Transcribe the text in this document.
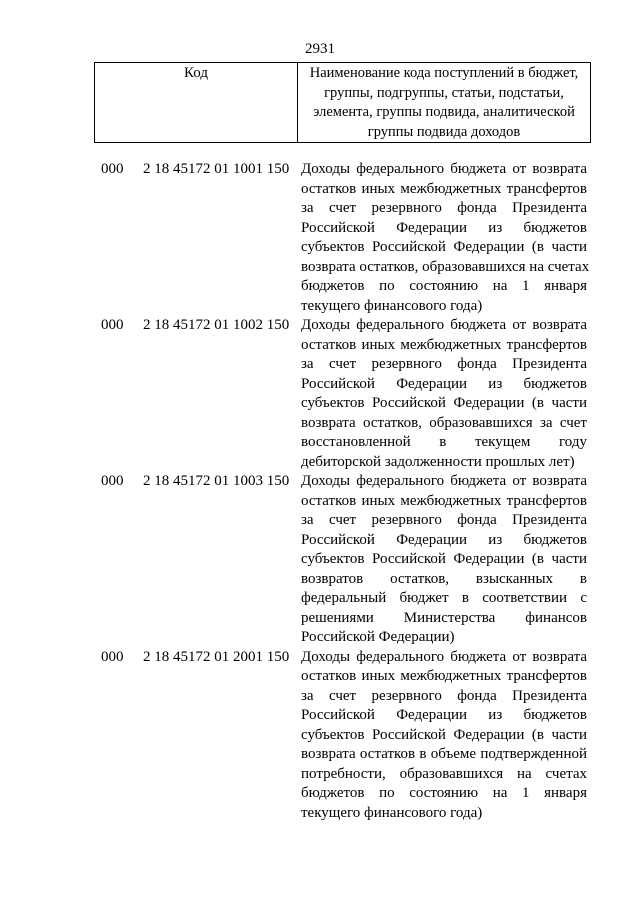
2931
Код	Наименование кода поступлений в бюджет, группы, подгруппы, статьи, подстатьи, элемента, группы подвида, аналитической группы подвида доходов
000 2 18 45172 01 1001 150 Доходы федерального бюджета от возврата
остатков иных межбюджетных трансфертов
за счет резервного фонда Президента
Российской Федерации из бюджетов
субъектов Российской Федерации (в части
возврата остатков, образовавшихся на счетах
бюджетов по состоянию на 1 января
текущего финансового года)
000 2 18 45172 01 1002 150 Доходы федерального бюджета от возврата
остатков иных межбюджетных трансфертов
за счет резервного фонда Президента
Российской Федерации из бюджетов
субъектов Российской Федерации (в части
возврата остатков, образовавшихся за счет
восстановленной в текущем году
дебиторской задолженности прошлых лет)
000 2 18 45172 01 1003 150 Доходы федерального бюджета от возврата
остатков иных межбюджетных трансфертов
за счет резервного фонда Президента
Российской Федерации из бюджетов
субъектов Российской Федерации (в части
возвратов остатков, взысканных в
федеральный бюджет в соответствии с
решениями Министерства финансов
Российской Федерации)
000 2 18 45172 01 2001 150 Доходы федерального бюджета от возврата
остатков иных межбюджетных трансфертов
за счет резервного фонда Президента
Российской Федерации из бюджетов
субъектов Российской Федерации (в части
возврата остатков в объеме подтвержденной
потребности, образовавшихся на счетах
бюджетов по состоянию на 1 января
текущего финансового года)
